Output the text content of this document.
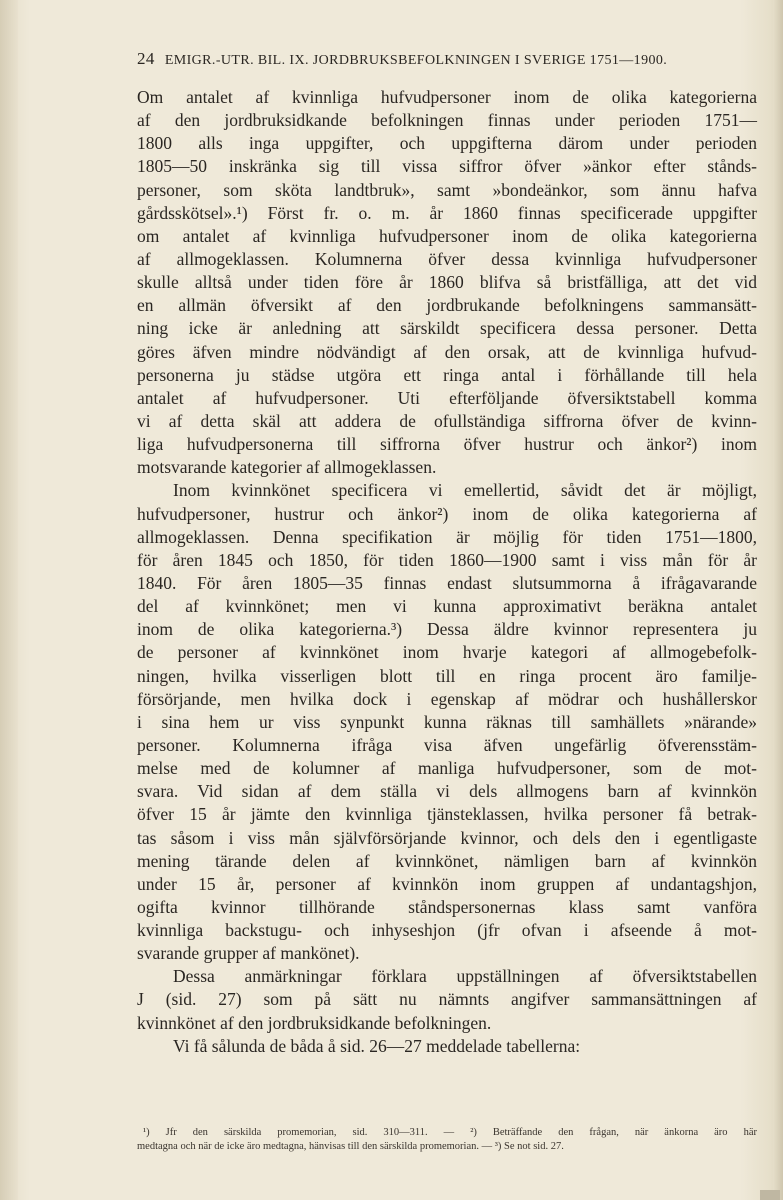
24 EMIGR.-UTR. BIL. IX. JORDBRUKSBEFOLKNINGEN I SVERIGE 1751—1900.
Om antalet af kvinnliga hufvudpersoner inom de olika kategorierna
af den jordbruksidkande befolkningen finnas under perioden 1751—
1800 alls inga uppgifter, och uppgifterna därom under perioden
1805—50 inskränka sig till vissa siffror öfver »änkor efter stånds-
personer, som sköta landtbruk», samt »bondeänkor, som ännu hafva
gårdsskötsel».¹) Först fr. o. m. år 1860 finnas specificerade uppgifter
om antalet af kvinnliga hufvudpersoner inom de olika kategorierna
af allmogeklassen. Kolumnerna öfver dessa kvinnliga hufvudpersoner
skulle alltså under tiden före år 1860 blifva så bristfälliga, att det vid
en allmän öfversikt af den jordbrukande befolkningens sammansätt-
ning icke är anledning att särskildt specificera dessa personer. Detta
göres äfven mindre nödvändigt af den orsak, att de kvinnliga hufvud-
personerna ju städse utgöra ett ringa antal i förhållande till hela
antalet af hufvudpersoner. Uti efterföljande öfversiktstabell komma
vi af detta skäl att addera de ofullständiga siffrorna öfver de kvinn-
liga hufvudpersonerna till siffrorna öfver hustrur och änkor²) inom
motsvarande kategorier af allmogeklassen.
Inom kvinnkönet specificera vi emellertid, såvidt det är möjligt,
hufvudpersoner, hustrur och änkor²) inom de olika kategorierna af
allmogeklassen. Denna specifikation är möjlig för tiden 1751—1800,
för åren 1845 och 1850, för tiden 1860—1900 samt i viss mån för år
1840. För åren 1805—35 finnas endast slutsummorna å ifrågavarande
del af kvinnkönet; men vi kunna approximativt beräkna antalet
inom de olika kategorierna.³) Dessa äldre kvinnor representera ju
de personer af kvinnkönet inom hvarje kategori af allmogebefolk-
ningen, hvilka visserligen blott till en ringa procent äro familje-
försörjande, men hvilka dock i egenskap af mödrar och hushållerskor
i sina hem ur viss synpunkt kunna räknas till samhällets »närande»
personer. Kolumnerna ifråga visa äfven ungefärlig öfverensstäm-
melse med de kolumner af manliga hufvudpersoner, som de mot-
svara. Vid sidan af dem ställa vi dels allmogens barn af kvinnkön
öfver 15 år jämte den kvinnliga tjänsteklassen, hvilka personer få betrak-
tas såsom i viss mån självförsörjande kvinnor, och dels den i egentligaste
mening tärande delen af kvinnkönet, nämligen barn af kvinnkön
under 15 år, personer af kvinnkön inom gruppen af undantagshjon,
ogifta kvinnor tillhörande ståndspersonernas klass samt vanföra
kvinnliga backstugu- och inhyseshjon (jfr ofvan i afseende å mot-
svarande grupper af mankönet).
Dessa anmärkningar förklara uppställningen af öfversiktstabellen
J (sid. 27) som på sätt nu nämnts angifver sammansättningen af
kvinnkönet af den jordbruksidkande befolkningen.
Vi få sålunda de båda å sid. 26—27 meddelade tabellerna:
¹) Jfr den särskilda promemorian, sid. 310—311. — ²) Beträffande den frågan, när änkorna äro här
medtagna och när de icke äro medtagna, hänvisas till den särskilda promemorian. — ³) Se not sid. 27.
